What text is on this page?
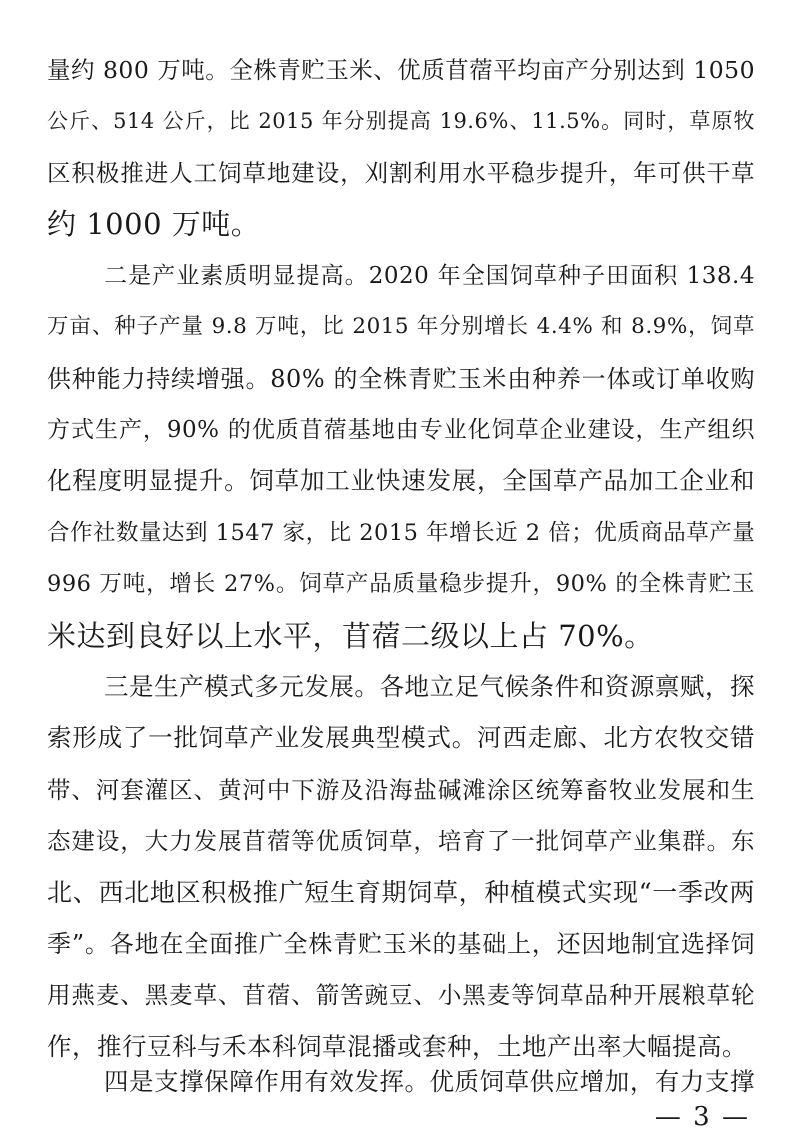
量约 800 万吨。全株青贮玉米、优质苜蓿平均亩产分别达到 1050
公斤、514 公斤，比 2015 年分别提高 19.6%、11.5%。同时，草原牧
区积极推进人工饲草地建设，刈割利用水平稳步提升，年可供干草
约 1000 万吨。
二是产业素质明显提高。2020 年全国饲草种子田面积 138.4
万亩、种子产量 9.8 万吨，比 2015 年分别增长 4.4% 和 8.9%，饲草
供种能力持续增强。80% 的全株青贮玉米由种养一体或订单收购
方式生产，90% 的优质苜蓿基地由专业化饲草企业建设，生产组织
化程度明显提升。饲草加工业快速发展，全国草产品加工企业和
合作社数量达到 1547 家，比 2015 年增长近 2 倍；优质商品草产量
996 万吨，增长 27%。饲草产品质量稳步提升，90% 的全株青贮玉
米达到良好以上水平，苜蓿二级以上占 70%。
三是生产模式多元发展。各地立足气候条件和资源禀赋，探
索形成了一批饲草产业发展典型模式。河西走廊、北方农牧交错
带、河套灌区、黄河中下游及沿海盐碱滩涂区统筹畜牧业发展和生
态建设，大力发展苜蓿等优质饲草，培育了一批饲草产业集群。东
北、西北地区积极推广短生育期饲草，种植模式实现“一季改两
季”。各地在全面推广全株青贮玉米的基础上，还因地制宜选择饲
用燕麦、黑麦草、苜蓿、箭筈豌豆、小黑麦等饲草品种开展粮草轮
作，推行豆科与禾本科饲草混播或套种，土地产出率大幅提高。
四是支撑保障作用有效发挥。优质饲草供应增加，有力支撑
— 3 —
